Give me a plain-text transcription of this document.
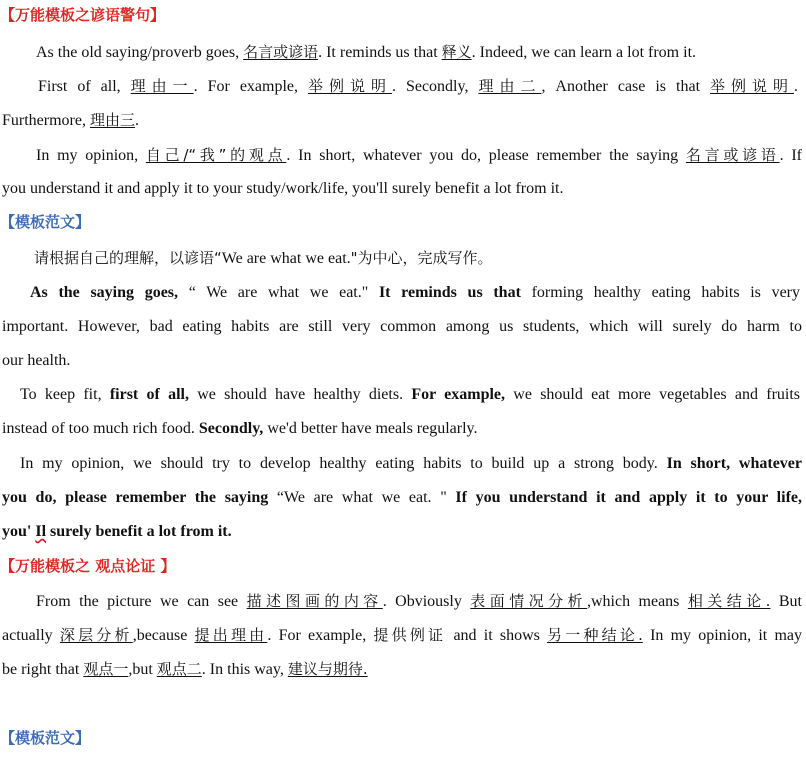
【万能模板之谚语警句】
As the old saying/proverb goes, 名言或谚语. It reminds us that 释义. Indeed, we can learn a lot from it.
First of all, 理由一. For example, 举例说明. Secondly, 理由二, Another case is that 举例说明.
Furthermore, 理由三.
In my opinion, 自己/“我”的观点. In short, whatever you do, please remember the saying 名言或谚语. If
you understand it and apply it to your study/work/life, you'll surely benefit a lot from it.
【模板范文】
请根据自己的理解，以谚语“We are what we eat."为中心，完成写作。
As the saying goes, “ We are what we eat." It reminds us that forming healthy eating habits is very
important. However, bad eating habits are still very common among us students, which will surely do harm to
our health.
To keep fit, first of all, we should have healthy diets. For example, we should eat more vegetables and fruits
instead of too much rich food. Secondly, we'd better have meals regularly.
In my opinion, we should try to develop healthy eating habits to build up a strong body. In short, whatever
you do, please remember the saying “We are what we eat. " If you understand it and apply it to your life,
you' Il surely benefit a lot from it.
【万能模板之 观点论证 】
From the picture we can see 描述图画的内容. Obviously 表面情况分析,which means 相关结论. But
actually 深层分析,because 提出理由. For example, 提供例证 and it shows 另一种结论. In my opinion, it may
be right that 观点一,but 观点二. In this way, 建议与期待.
【模板范文】
